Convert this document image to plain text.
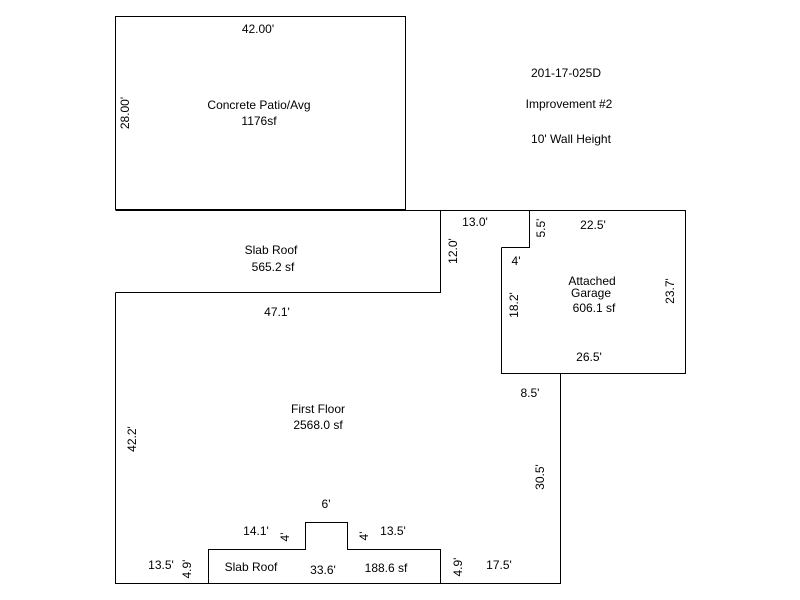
201-17-025D
Improvement #2
10' Wall Height
42.00'
28.00'	Concrete Patio/Avg
1176sf
Slab Roof
565.2 sf
47.1'
12.0'
13.0'	5.5'
Attached
Garage
606.1 sf
22.5'
23.7'
26.5'
18.2'
4'
First Floor
2568.0 sf
42.2'
8.5'
30.5'
Slab Roof	33.6' 188.6 sf
6'
14.1' 4'	4' 13.5'
13.5' 4.9'	4.9' 17.5'
